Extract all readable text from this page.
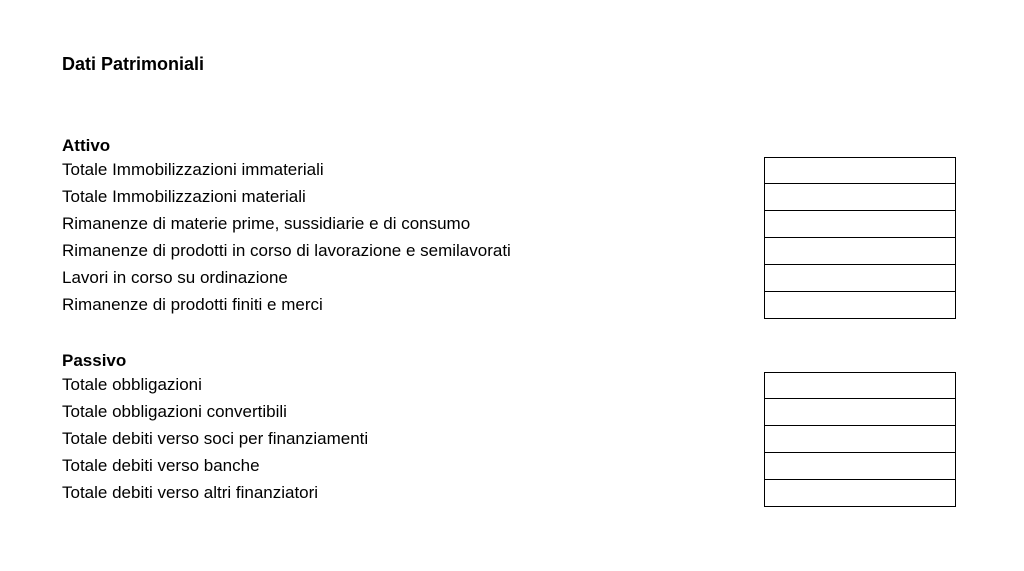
Dati Patrimoniali
Attivo
Totale Immobilizzazioni immateriali
Totale Immobilizzazioni materiali
Rimanenze di materie prime, sussidiarie e di consumo
Rimanenze di prodotti in corso di lavorazione e semilavorati
Lavori in corso su ordinazione
Rimanenze di prodotti finiti e merci
Passivo
Totale obbligazioni
Totale obbligazioni convertibili
Totale debiti verso soci per finanziamenti
Totale debiti verso banche
Totale debiti verso altri finanziatori
